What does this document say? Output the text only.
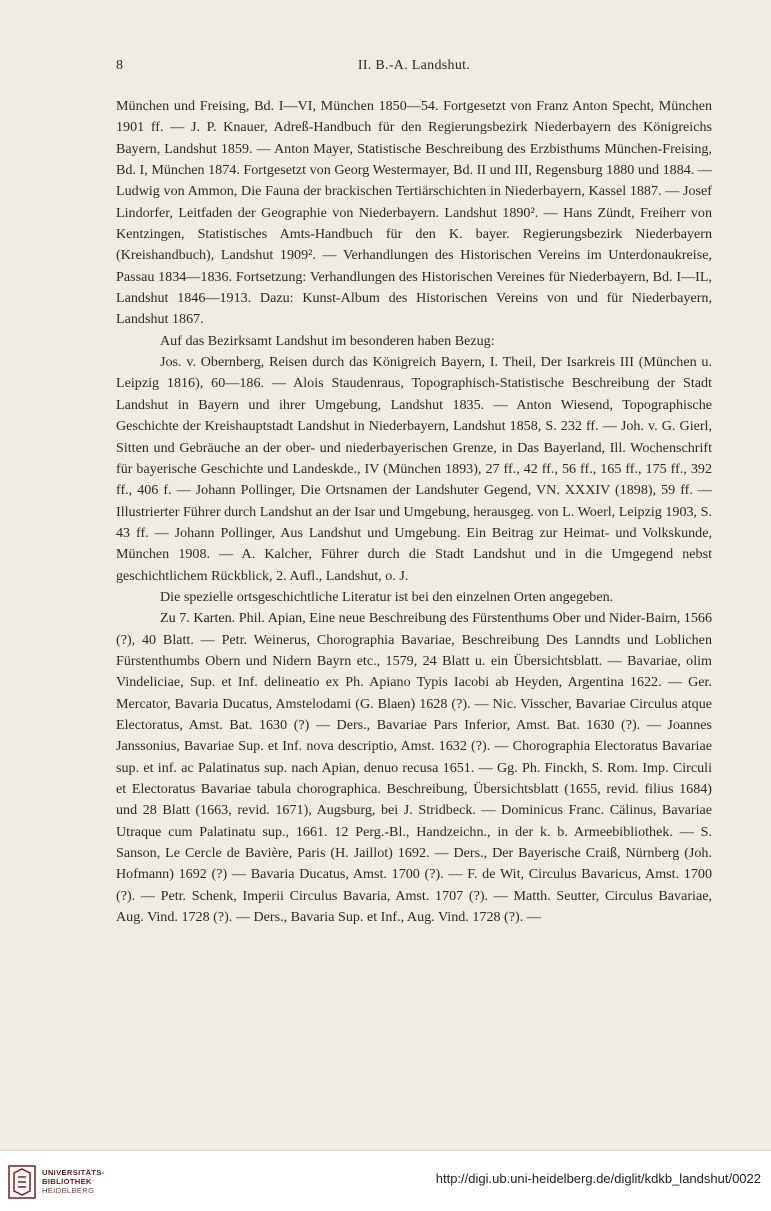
8	II. B.-A. Landshut.

München und Freising, Bd. I—VI, München 1850—54. Fortgesetzt von Franz Anton Specht, München 1901 ff. — J. P. Knauer, Adreß-Handbuch für den Regierungsbezirk Niederbayern des Königreichs Bayern, Landshut 1859. — Anton Mayer, Statistische Beschreibung des Erzbisthums München-Freising, Bd. I, München 1874. Fortgesetzt von Georg Westermayer, Bd. II und III, Regensburg 1880 und 1884. — Ludwig von Ammon, Die Fauna der brackischen Tertiärschichten in Niederbayern, Kassel 1887. — Josef Lindorfer, Leitfaden der Geographie von Niederbayern. Landshut 1890². — Hans Zündt, Freiherr von Kentzingen, Statistisches Amts-Handbuch für den K. bayer. Regierungsbezirk Niederbayern (Kreishandbuch), Landshut 1909². — Verhandlungen des Historischen Vereins im Unterdonaukreise, Passau 1834—1836. Fortsetzung: Verhandlungen des Historischen Vereines für Niederbayern, Bd. I—IL, Landshut 1846—1913. Dazu: Kunst-Album des Historischen Vereins von und für Niederbayern, Landshut 1867.

Auf das Bezirksamt Landshut im besonderen haben Bezug:

Jos. v. Obernberg, Reisen durch das Königreich Bayern, I. Theil, Der Isarkreis III (München u. Leipzig 1816), 60—186. — Alois Staudenraus, Topographisch-Statistische Beschreibung der Stadt Landshut in Bayern und ihrer Umgebung, Landshut 1835. — Anton Wiesend, Topographische Geschichte der Kreishauptstadt Landshut in Niederbayern, Landshut 1858, S. 232 ff. — Joh. v. G. Gierl, Sitten und Gebräuche an der ober- und niederbayerischen Grenze, in Das Bayerland, Ill. Wochenschrift für bayerische Geschichte und Landeskde., IV (München 1893), 27 ff., 42 ff., 56 ff., 165 ff., 175 ff., 392 ff., 406 f. — Johann Pollinger, Die Ortsnamen der Landshuter Gegend, VN. XXXIV (1898), 59 ff. — Illustrierter Führer durch Landshut an der Isar und Umgebung, herausgeg. von L. Woerl, Leipzig 1903, S. 43 ff. — Johann Pollinger, Aus Landshut und Umgebung. Ein Beitrag zur Heimat- und Volkskunde, München 1908. — A. Kalcher, Führer durch die Stadt Landshut und in die Umgegend nebst geschichtlichem Rückblick, 2. Aufl., Landshut, o. J.

Die spezielle ortsgeschichtliche Literatur ist bei den einzelnen Orten angegeben.

Zu 7. Karten. Phil. Apian, Eine neue Beschreibung des Fürstenthums Ober und Nider-Bairn, 1566 (?), 40 Blatt. — Petr. Weinerus, Chorographia Bavariae, Beschreibung Des Lanndts und Loblichen Fürstenthumbs Obern und Nidern Bayrn etc., 1579, 24 Blatt u. ein Übersichtsblatt. — Bavariae, olim Vindeliciae, Sup. et Inf. delineatio ex Ph. Apiano Typis Iacobi ab Heyden, Argentina 1622. — Ger. Mercator, Bavaria Ducatus, Amstelodami (G. Blaen) 1628 (?). — Nic. Visscher, Bavariae Circulus atque Electoratus, Amst. Bat. 1630 (?) — Ders., Bavariae Pars Inferior, Amst. Bat. 1630 (?). — Joannes Janssonius, Bavariae Sup. et Inf. nova descriptio, Amst. 1632 (?). — Chorographia Electoratus Bavariae sup. et inf. ac Palatinatus sup. nach Apian, denuo recusa 1651. — Gg. Ph. Finckh, S. Rom. Imp. Circuli et Electoratus Bavariae tabula chorographica. Beschreibung, Übersichtsblatt (1655, revid. filius 1684) und 28 Blatt (1663, revid. 1671), Augsburg, bei J. Stridbeck. — Dominicus Franc. Cälinus, Bavariae Utraque cum Palatinatu sup., 1661. 12 Perg.-Bl., Handzeichn., in der k. b. Armeebibliothek. — S. Sanson, Le Cercle de Bavière, Paris (H. Jaillot) 1692. — Ders., Der Bayerische Craiß, Nürnberg (Joh. Hofmann) 1692 (?) — Bavaria Ducatus, Amst. 1700 (?). — F. de Wit, Circulus Bavaricus, Amst. 1700 (?). — Petr. Schenk, Imperii Circulus Bavaria, Amst. 1707 (?). — Matth. Seutter, Circulus Bavariae, Aug. Vind. 1728 (?). — Ders., Bavaria Sup. et Inf., Aug. Vind. 1728 (?). —

UNIVERSITÄTS-
BIBLIOTHEK
HEIDELBERG
http://digi.ub.uni-heidelberg.de/diglit/kdkb_landshut/0022
